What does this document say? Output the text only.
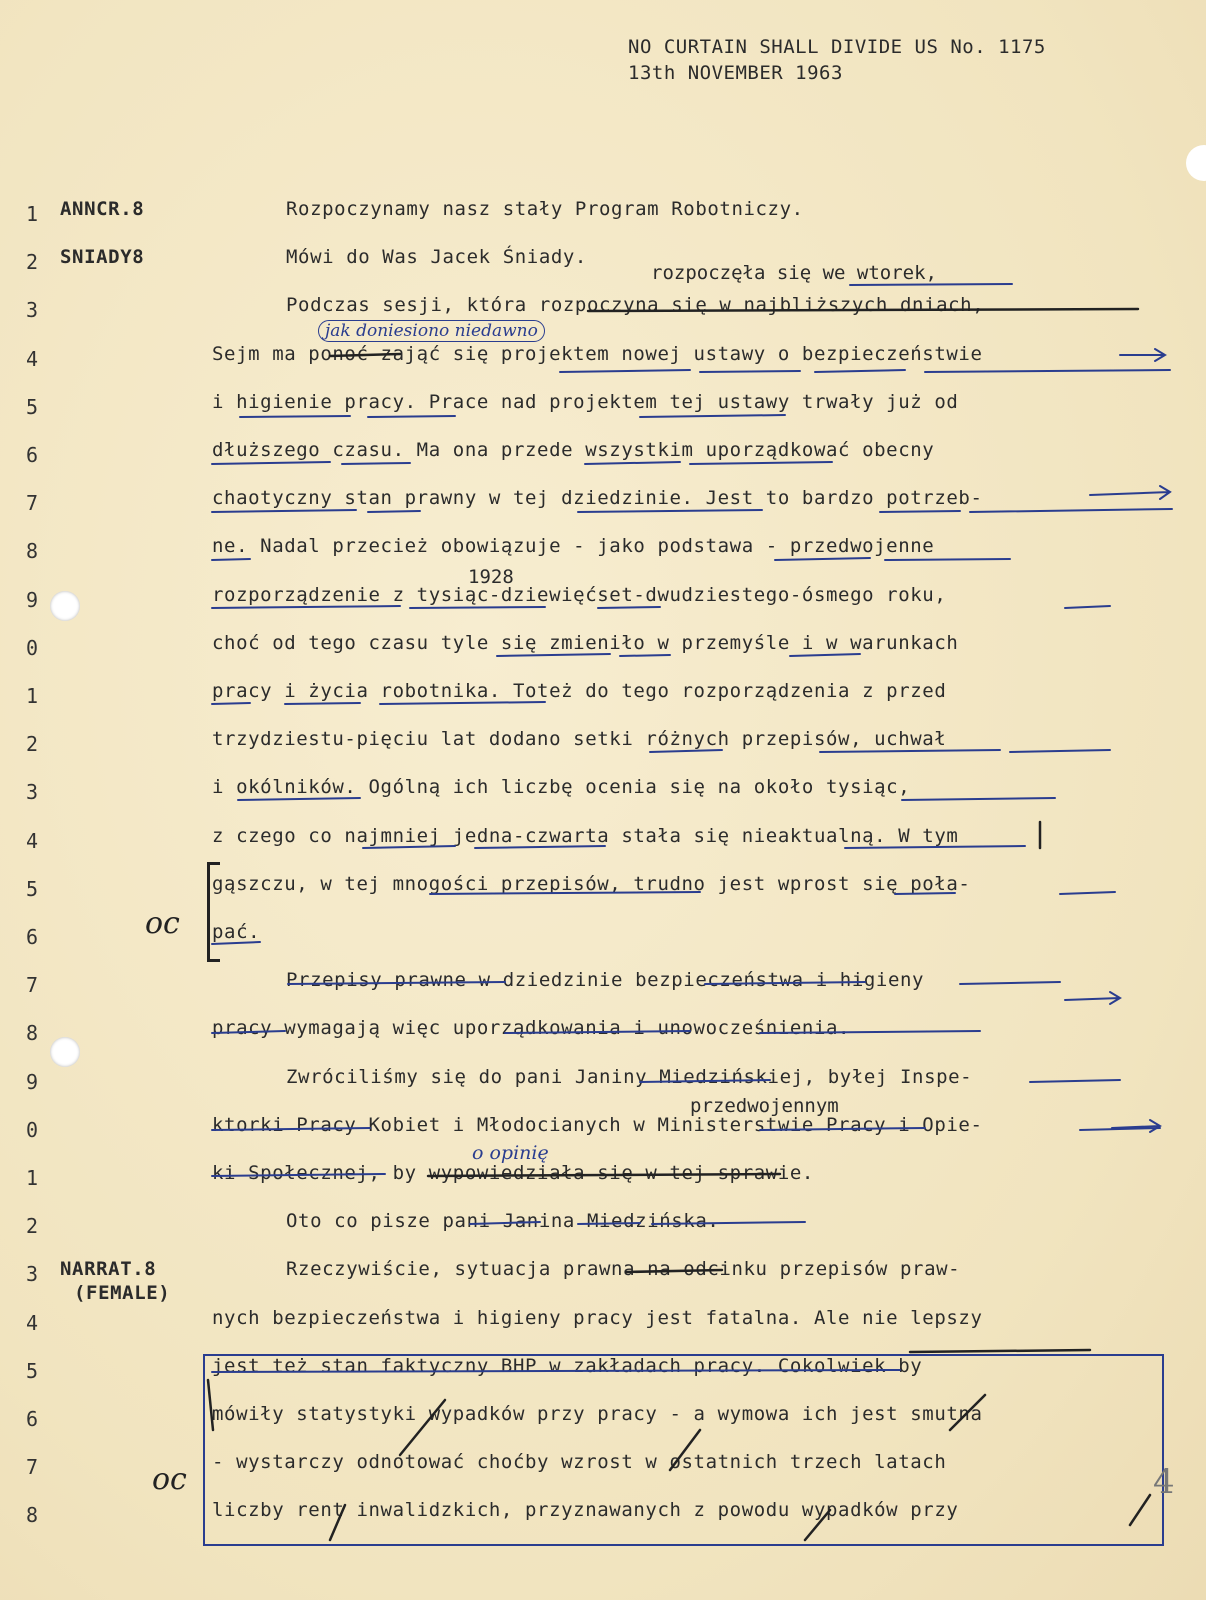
NO CURTAIN SHALL DIVIDE US No. 1175
13th NOVEMBER 1963
1	ANNCR.8	Rozpoczynamy nasz stały Program Robotniczy.
2	SNIADY8	Mówi do Was Jacek Śniady.
3	Podczas sesji, która rozpoczyna się w najbliższych dniach,
4	Sejm ma ponoć zająć się projektem nowej ustawy o bezpieczeństwie
5	i higienie pracy. Prace nad projektem tej ustawy trwały już od
6	dłuższego czasu. Ma ona przede wszystkim uporządkować obecny
7	chaotyczny stan prawny w tej dziedzinie. Jest to bardzo potrzeb-
8	ne. Nadal przecież obowiązuje - jako podstawa - przedwojenne
9	rozporządzenie z tysiąc-dziewięćset-dwudziestego-ósmego roku,
0	choć od tego czasu tyle się zmieniło w przemyśle i w warunkach
1	pracy i życia robotnika. Toteż do tego rozporządzenia z przed
2	trzydziestu-pięciu lat dodano setki różnych przepisów, uchwał
3	i okólników. Ogólną ich liczbę ocenia się na około tysiąc,
4	z czego co najmniej jedna-czwarta stała się nieaktualną. W tym
5	gąszczu, w tej mnogości przepisów, trudno jest wprost się poła-
6	pać.
7	Przepisy prawne w dziedzinie bezpieczeństwa i higieny
8	pracy wymagają więc uporządkowania i unowocześnienia.
9	Zwróciliśmy się do pani Janiny Miedzińskiej, byłej Inspe-
0	ktorki Pracy Kobiet i Młodocianych w Ministerstwie Pracy i Opie-
1	ki Społecznej, by wypowiedziała się w tej sprawie.
2	Oto co pisze pani Janina Miedzińska.
3	NARRAT.8
(FEMALE)
Rzeczywiście, sytuacja prawna na odcinku przepisów praw-
4	nych bezpieczeństwa i higieny pracy jest fatalna. Ale nie lepszy
5	jest też stan faktyczny BHP w zakładach pracy. Cokolwiek by
6	mówiły statystyki wypadków przy pracy - a wymowa ich jest smutna
7	- wystarczy odnotować choćby wzrost w ostatnich trzech latach
8	liczby rent inwalidzkich, przyznawanych z powodu wypadków przy
rozpoczęła się we wtorek,
jak doniesiono niedawno
1928
przedwojennym
o opinię
oc
oc	4
